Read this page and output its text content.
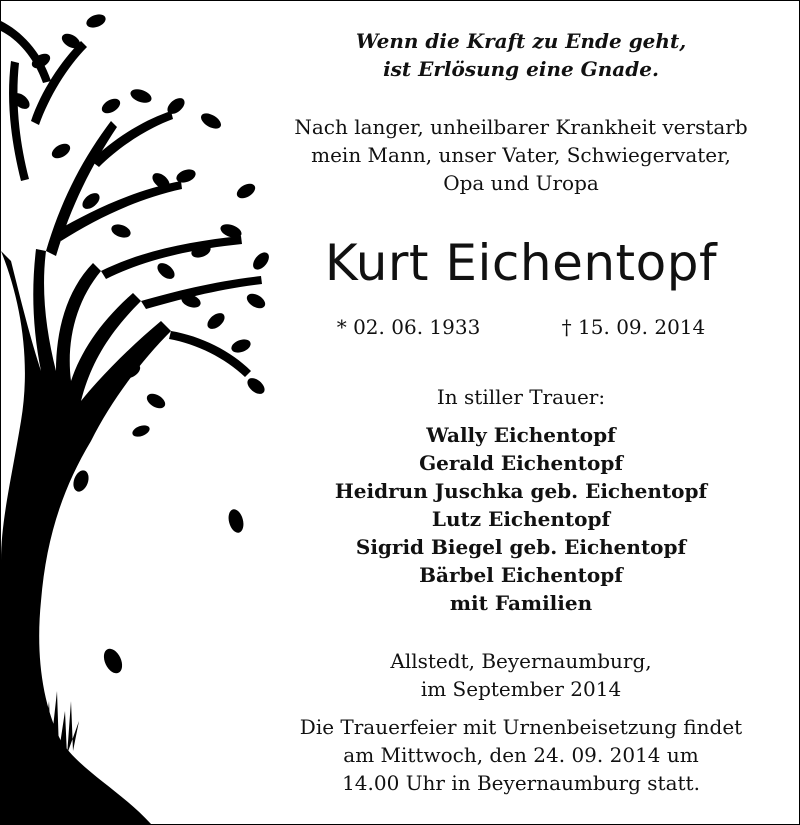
Wenn die Kraft zu Ende geht,
ist Erlösung eine Gnade.
Nach langer, unheilbarer Krankheit verstarb
mein Mann, unser Vater, Schwiegervater,
Opa und Uropa
Kurt Eichentopf
* 02. 06. 1933	† 15. 09. 2014
In stiller Trauer:
Wally Eichentopf
Gerald Eichentopf
Heidrun Juschka geb. Eichentopf
Lutz Eichentopf
Sigrid Biegel geb. Eichentopf
Bärbel Eichentopf
mit Familien
Allstedt, Beyernaumburg,
im September 2014
Die Trauerfeier mit Urnenbeisetzung findet
am Mittwoch, den 24. 09. 2014 um
14.00 Uhr in Beyernaumburg statt.
